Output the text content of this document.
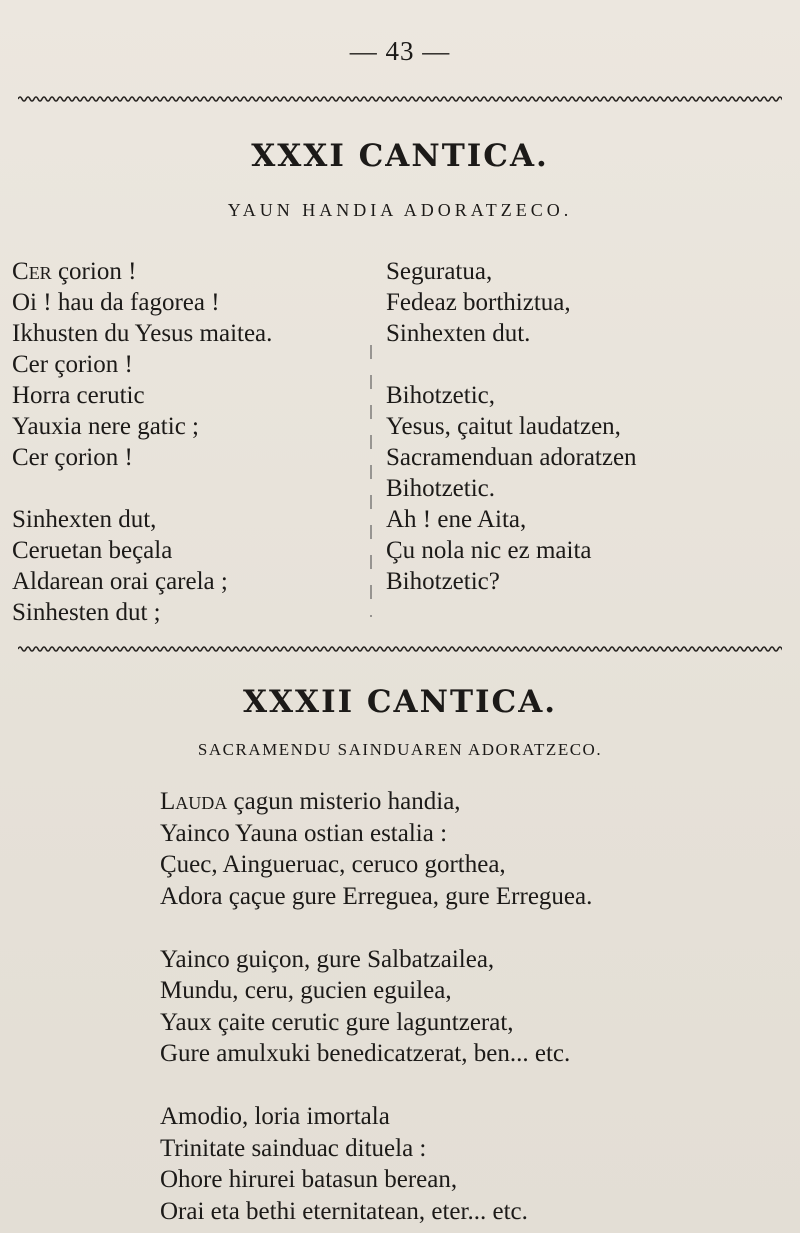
— 43 —
XXXI CANTICA.
YAUN HANDIA ADORATZECO.
Cer çorion !
Oi ! hau da fagorea !
Ikhusten du Yesus maitea.
Cer çorion !
Horra cerutic
Yauxia nere gatic ;
Cer çorion !
Sinhexten dut,
Ceruetan beçala
Aldarean orai çarela ;
Sinhesten dut ;
Seguratua,
Fedeaz borthiztua,
Sinhexten dut.
Bihotzetic,
Yesus, çaitut laudatzen,
Sacramenduan adoratzen
Bihotzetic.
Ah ! ene Aita,
Çu nola nic ez maita
Bihotzetic?
XXXII CANTICA.
SACRAMENDU SAINDUAREN ADORATZECO.
Lauda çagun misterio handia,
Yainco Yauna ostian estalia :
Çuec, Aingueruac, ceruco gorthea,
Adora çaçue gure Erreguea, gure Erreguea.
Yainco guiçon, gure Salbatzailea,
Mundu, ceru, gucien eguilea,
Yaux çaite cerutic gure laguntzerat,
Gure amulxuki benedicatzerat, ben... etc.
Amodio, loria imortala
Trinitate sainduac dituela :
Ohore hirurei batasun berean,
Orai eta bethi eternitatean, eter... etc.
